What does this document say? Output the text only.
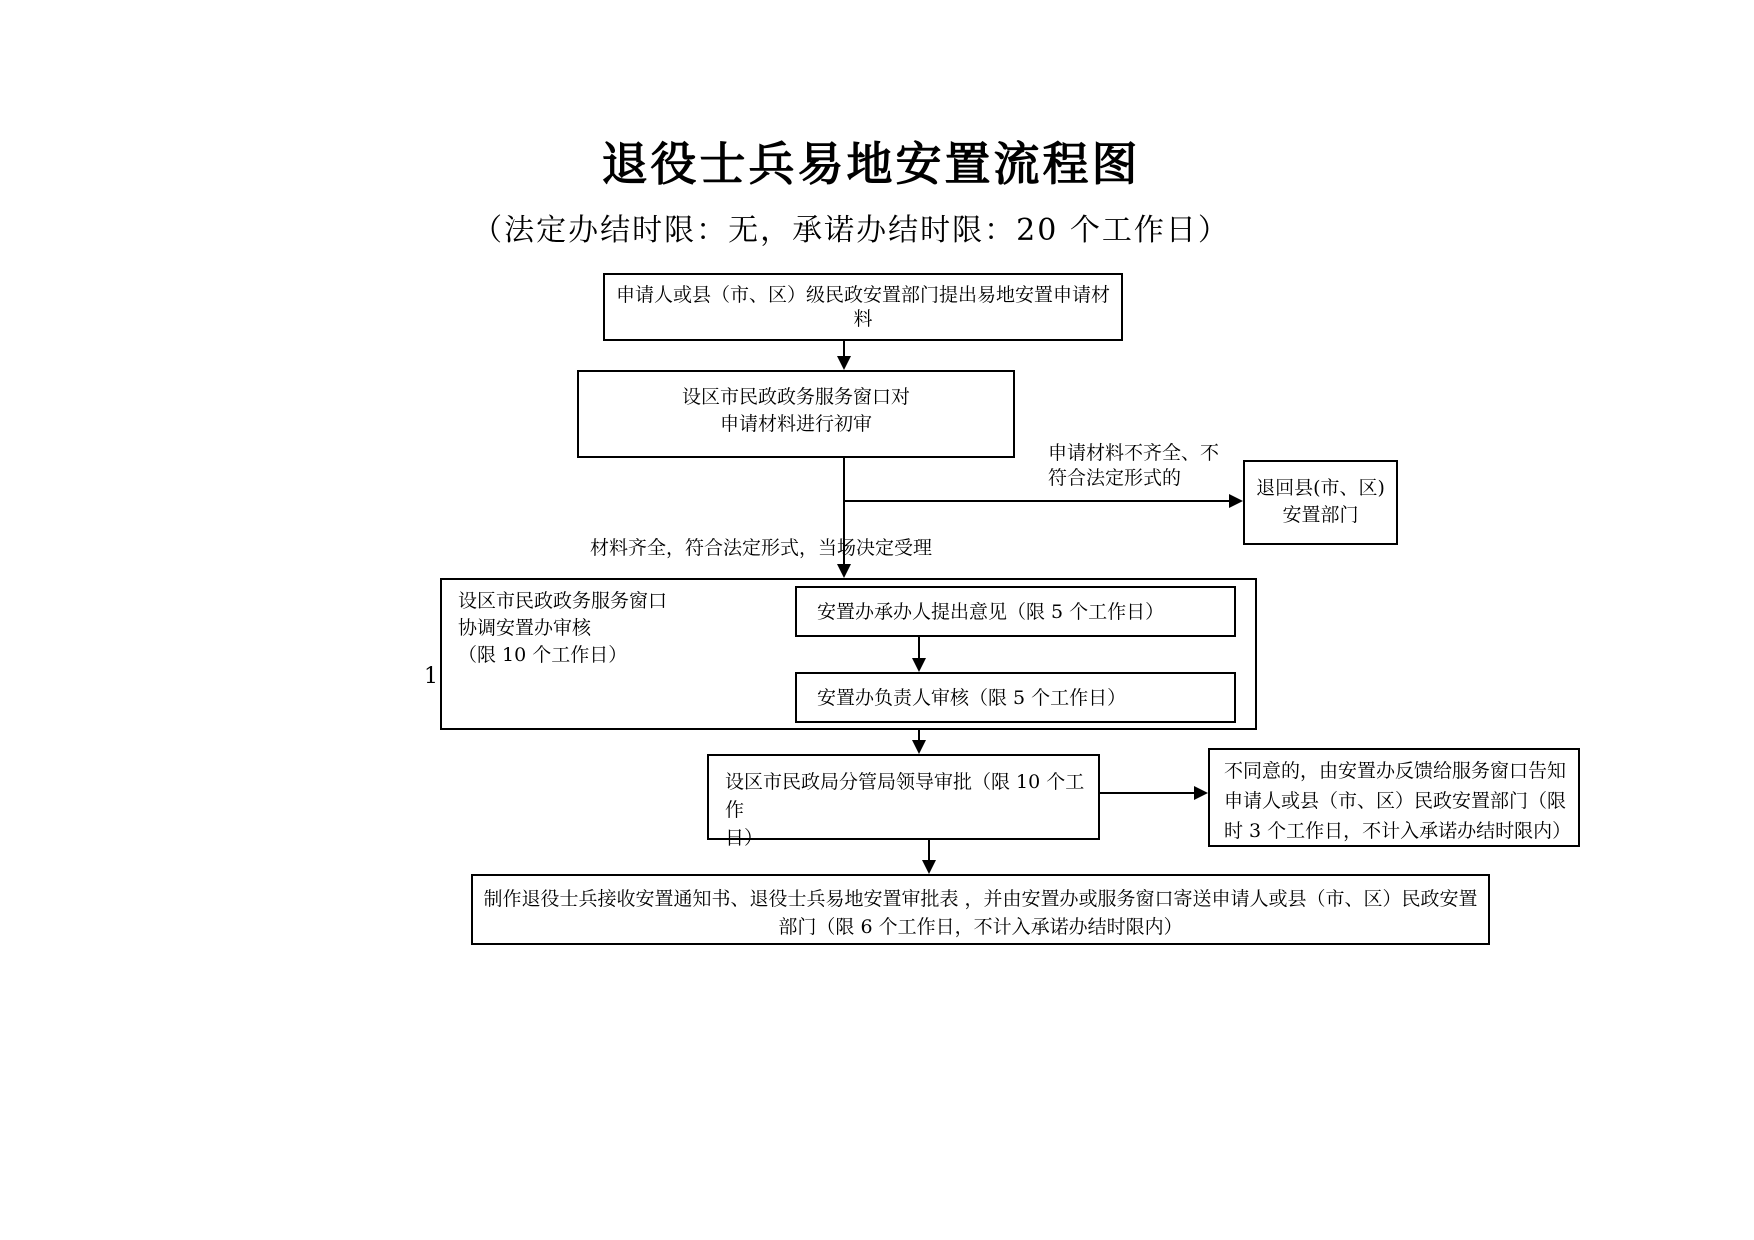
退役士兵易地安置流程图
（法定办结时限：无，承诺办结时限：20 个工作日）
申请人或县（市、区）级民政安置部门提出易地安置申请材
料
设区市民政政务服务窗口对
申请材料进行初审
申请材料不齐全、不
符合法定形式的	退回县(市、区)
安置部门
材料齐全，符合法定形式，当场决定受理
1
设区市民政政务服务窗口
协调安置办审核
（限 10 个工作日）
安置办承办人提出意见（限 5 个工作日）
安置办负责人审核（限 5 个工作日）
设区市民政局分管局领导审批（限 10 个工作
日）
不同意的，由安置办反馈给服务窗口告知
申请人或县（市、区）民政安置部门（限
时 3 个工作日，不计入承诺办结时限内）
制作退役士兵接收安置通知书、退役士兵易地安置审批表 ，并由安置办或服务窗口寄送申请人或县（市、区）民政安置
部门（限 6 个工作日，不计入承诺办结时限内）
